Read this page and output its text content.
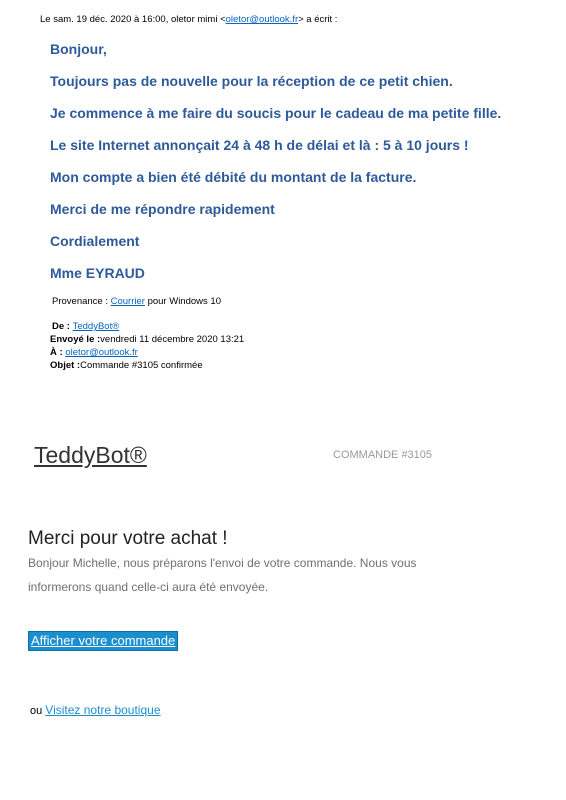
Le sam. 19 déc. 2020 à 16:00, oletor mimi <oletor@outlook.fr> a écrit :
Bonjour,
Toujours pas de nouvelle pour la réception de ce petit chien.
Je commence à me faire du soucis pour le cadeau de ma petite fille.
Le site Internet annonçait 24 à 48 h de délai et là : 5 à 10 jours !
Mon compte a bien été débité du montant de la facture.
Merci de me répondre rapidement
Cordialement
Mme EYRAUD
Provenance : Courrier pour Windows 10
De : TeddyBot®
Envoyé le :vendredi 11 décembre 2020 13:21
À : oletor@outlook.fr
Objet :Commande #3105 confirmée
TeddyBot®	COMMANDE #3105
Merci pour votre achat !
Bonjour Michelle, nous préparons l'envoi de votre commande. Nous vous
informerons quand celle-ci aura été envoyée.
Afficher votre commande
ou Visitez notre boutique
